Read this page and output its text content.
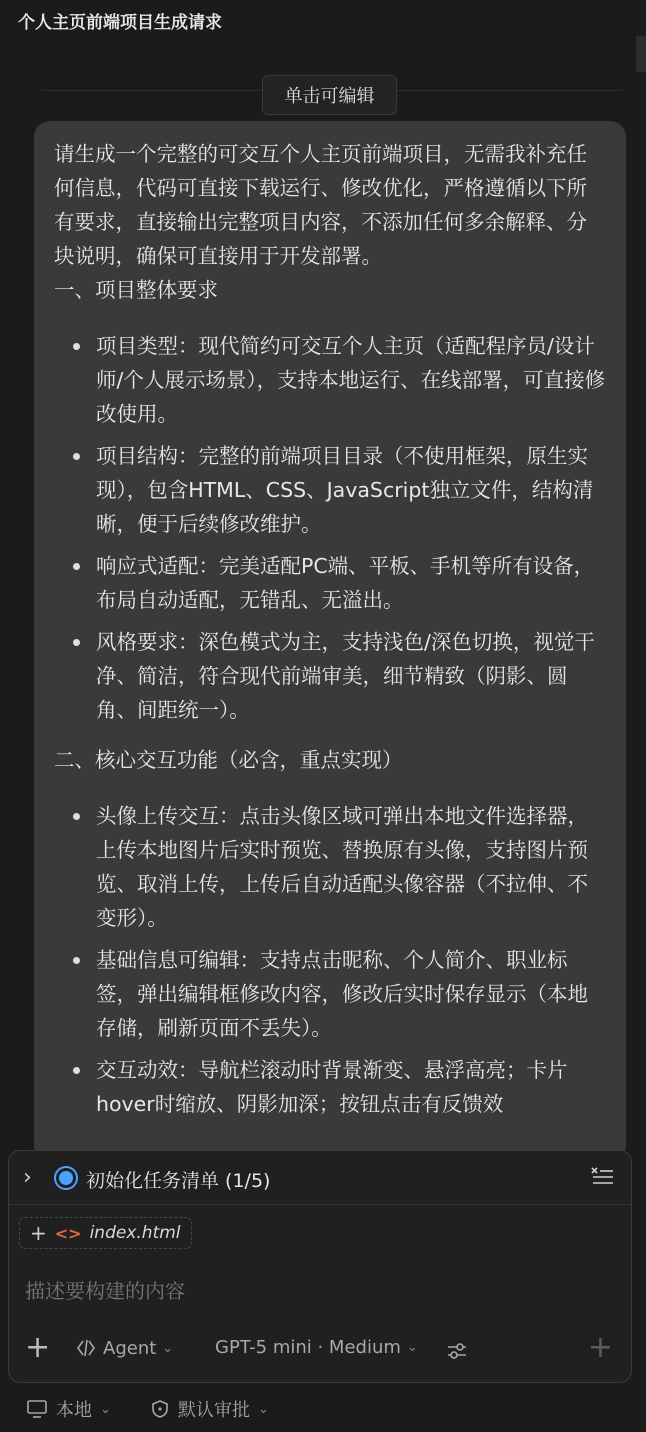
个人主页前端项目生成请求
单击可编辑

请生成一个完整的可交互个人主页前端项目，无需我补充任何信息，代码可直接下载运行、修改优化，严格遵循以下所有要求，直接输出完整项目内容，不添加任何多余解释、分块说明，确保可直接用于开发部署。

一、项目整体要求

项目类型：现代简约可交互个人主页（适配程序员/设计师/个人展示场景），支持本地运行、在线部署，可直接修改使用。
项目结构：完整的前端项目目录（不使用框架，原生实现），包含HTML、CSS、JavaScript独立文件，结构清晰，便于后续修改维护。
响应式适配：完美适配PC端、平板、手机等所有设备，布局自动适配，无错乱、无溢出。
风格要求：深色模式为主，支持浅色/深色切换，视觉干净、简洁，符合现代前端审美，细节精致（阴影、圆角、间距统一）。

二、核心交互功能（必含，重点实现）

头像上传交互：点击头像区域可弹出本地文件选择器，上传本地图片后实时预览、替换原有头像，支持图片预览、取消上传，上传后自动适配头像容器（不拉伸、不变形）。
基础信息可编辑：支持点击昵称、个人简介、职业标签，弹出编辑框修改内容，修改后实时保存显示（本地存储，刷新页面不丢失）。
交互动效：导航栏滚动时背景渐变、悬浮高亮；卡片hover时缩放、阴影加深；按钮点击有反馈效
›	初始化任务清单 (1/5)
+ <> index.html
描述要构建的内容
+	Agent ⌄ GPT-5 mini · Medium ⌄	+
本地 ⌄	默认审批 ⌄
